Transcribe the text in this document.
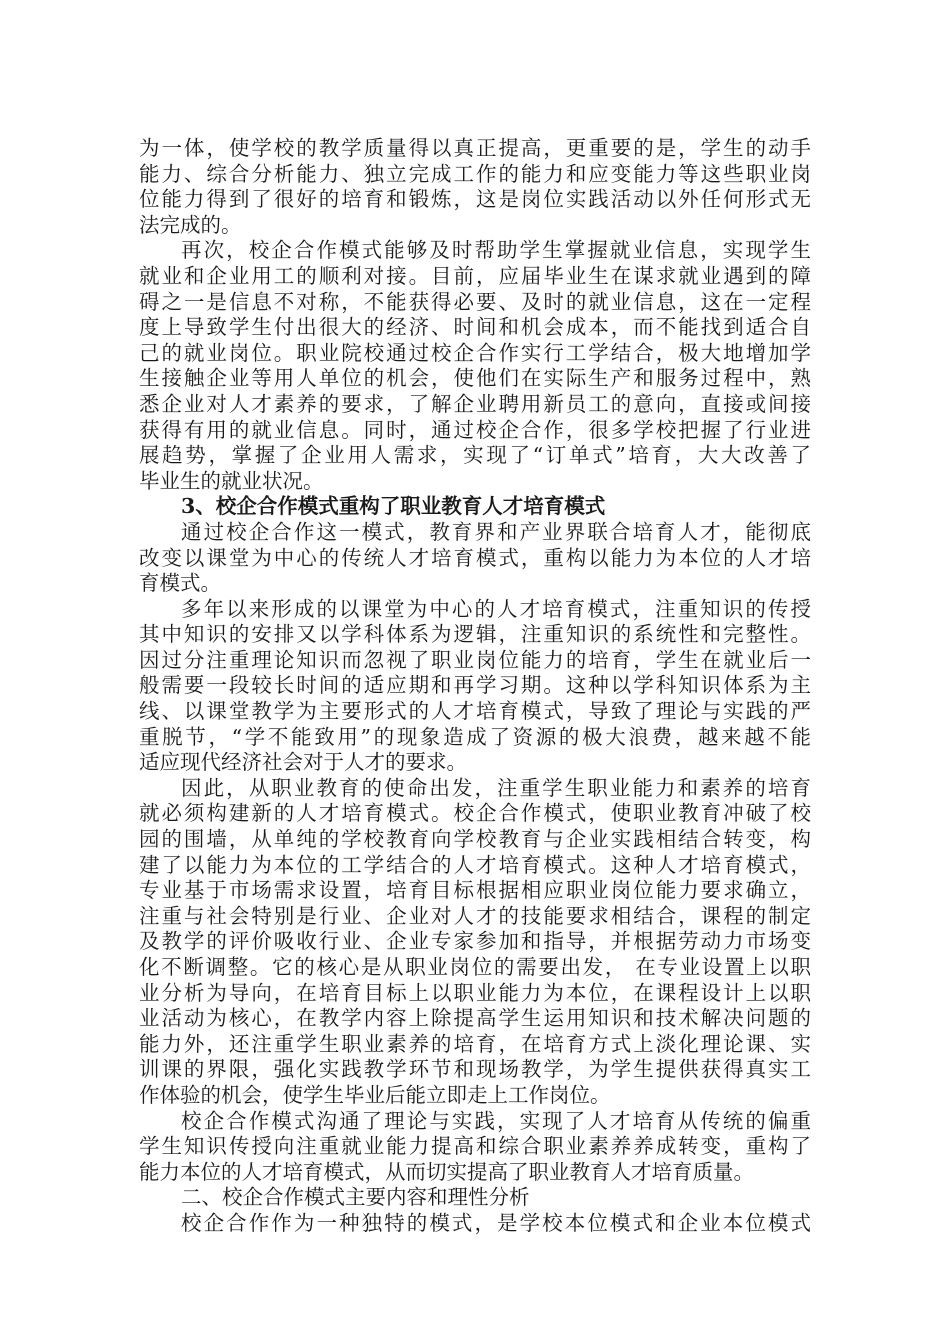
为一体，使学校的教学质量得以真正提高，更重要的是，学生的动手
能力、综合分析能力、独立完成工作的能力和应变能力等这些职业岗
位能力得到了很好的培育和锻炼，这是岗位实践活动以外任何形式无
法完成的。
再次，校企合作模式能够及时帮助学生掌握就业信息，实现学生
就业和企业用工的顺利对接。目前，应届毕业生在谋求就业遇到的障
碍之一是信息不对称，不能获得必要、及时的就业信息，这在一定程
度上导致学生付出很大的经济、时间和机会成本，而不能找到适合自
己的就业岗位。职业院校通过校企合作实行工学结合，极大地增加学
生接触企业等用人单位的机会，使他们在实际生产和服务过程中，熟
悉企业对人才素养的要求，了解企业聘用新员工的意向，直接或间接
获得有用的就业信息。同时，通过校企合作，很多学校把握了行业进
展趋势，掌握了企业用人需求，实现了“订单式”培育，大大改善了
毕业生的就业状况。
3、校企合作模式重构了职业教育人才培育模式
通过校企合作这一模式，教育界和产业界联合培育人才，能彻底
改变以课堂为中心的传统人才培育模式，重构以能力为本位的人才培
育模式。
多年以来形成的以课堂为中心的人才培育模式，注重知识的传授
其中知识的安排又以学科体系为逻辑，注重知识的系统性和完整性。
因过分注重理论知识而忽视了职业岗位能力的培育，学生在就业后一
般需要一段较长时间的适应期和再学习期。这种以学科知识体系为主
线、以课堂教学为主要形式的人才培育模式，导致了理论与实践的严
重脱节，“学不能致用”的现象造成了资源的极大浪费，越来越不能
适应现代经济社会对于人才的要求。
因此，从职业教育的使命出发，注重学生职业能力和素养的培育
就必须构建新的人才培育模式。校企合作模式，使职业教育冲破了校
园的围墙，从单纯的学校教育向学校教育与企业实践相结合转变，构
建了以能力为本位的工学结合的人才培育模式。这种人才培育模式，
专业基于市场需求设置，培育目标根据相应职业岗位能力要求确立，
注重与社会特别是行业、企业对人才的技能要求相结合，课程的制定
及教学的评价吸收行业、企业专家参加和指导，并根据劳动力市场变
化不断调整。它的核心是从职业岗位的需要出发， 在专业设置上以职
业分析为导向，在培育目标上以职业能力为本位，在课程设计上以职
业活动为核心，在教学内容上除提高学生运用知识和技术解决问题的
能力外，还注重学生职业素养的培育，在培育方式上淡化理论课、实
训课的界限，强化实践教学环节和现场教学，为学生提供获得真实工
作体验的机会，使学生毕业后能立即走上工作岗位。
校企合作模式沟通了理论与实践，实现了人才培育从传统的偏重
学生知识传授向注重就业能力提高和综合职业素养养成转变，重构了
能力本位的人才培育模式，从而切实提高了职业教育人才培育质量。
二、校企合作模式主要内容和理性分析
校企合作作为一种独特的模式，是学校本位模式和企业本位模式
